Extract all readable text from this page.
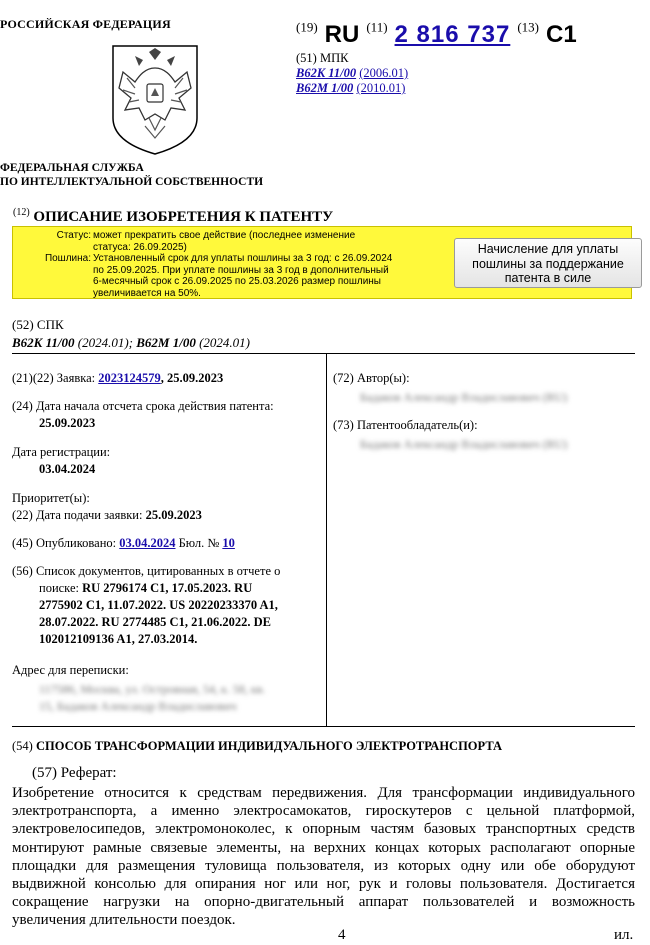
РОССИЙСКАЯ ФЕДЕРАЦИЯ
ФЕДЕРАЛЬНАЯ СЛУЖБА
ПО ИНТЕЛЛЕКТУАЛЬНОЙ СОБСТВЕННОСТИ
$^{(19)}$ RU $^{(11)}$ 2 816 737 $^{(13)}$ C1
(51) МПК
B62K 11/00 (2006.01)
B62M 1/00 (2010.01)
$^{(12)}$ ОПИСАНИЕ ИЗОБРЕТЕНИЯ К ПАТЕНТУ
Статус: может прекратить свое действие (последнее изменение
статуса: 26.09.2025)
Пошлина: Установленный срок для уплаты пошлины за 3 год: с 26.09.2024
по 25.09.2025. При уплате пошлины за 3 год в дополнительный
6-месячный срок с 26.09.2025 по 25.03.2026 размер пошлины
увеличивается на 50%.
Начисление для уплаты
пошлины за поддержание
патента в силе
(52) СПК
B62K 11/00 (2024.01); B62M 1/00 (2024.01)
(21)(22) Заявка: 2023124579, 25.09.2023
(24) Дата начала отсчета срока действия патента:
25.09.2023
Дата регистрации:
03.04.2024
Приоритет(ы):
(22) Дата подачи заявки: 25.09.2023
(45) Опубликовано: 03.04.2024 Бюл. № 10
(56) Список документов, цитированных в отчете о
поиске: RU 2796174 C1, 17.05.2023. RU
2775902 C1, 11.07.2022. US 20220233370 A1,
28.07.2022. RU 2774485 C1, 21.06.2022. DE
102012109136 A1, 27.03.2014.
Адрес для переписки:
117586, Москва, ул. Островная, 54, к. 58, кв.
15, Бадаков Александр Владиславович
(72) Автор(ы):
Бадаков Александр Владиславович (RU)
(73) Патентообладатель(и):
Бадаков Александр Владиславович (RU)
(54) СПОСОБ ТРАНСФОРМАЦИИ ИНДИВИДУАЛЬНОГО ЭЛЕКТРОТРАНСПОРТА
(57) Реферат:
Изобретение относится к средствам передвижения. Для трансформации индивидуального электротранспорта, а именно электросамокатов, гироскутеров с цельной платформой, электровелосипедов, электромоноколес, к опорным частям базовых транспортных средств монтируют рамные связевые элементы, на верхних концах которых располагают опорные площадки для размещения туловища пользователя, из которых одну или обе оборудуют выдвижной консолью для опирания ног или ног, рук и головы пользователя. Достигается сокращение нагрузки на опорно-двигательный аппарат пользователей и возможность увеличения длительности поездок.
4	ил.
